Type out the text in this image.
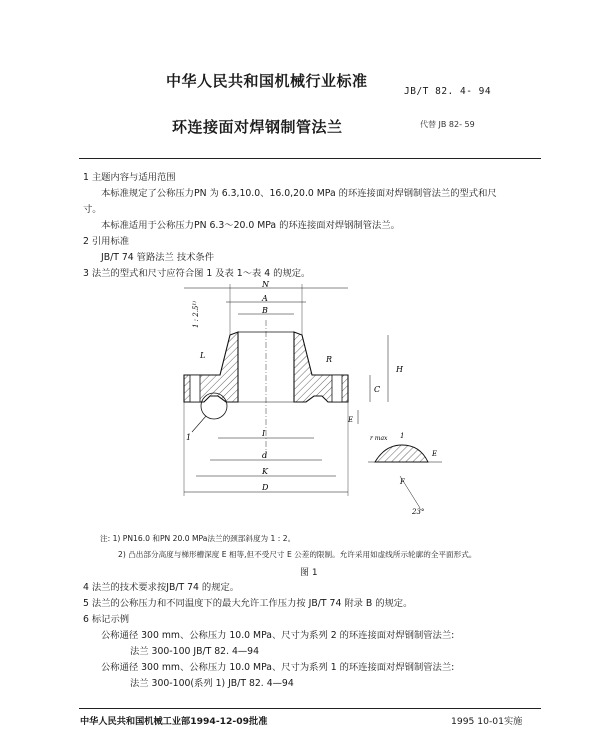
中华人民共和国机械行业标准
JB/T 82. 4- 94
环连接面对焊钢制管法兰	代替 JB 82- 59
1 主题内容与适用范围
本标准规定了公称压力PN 为 6.3,10.0、16.0,20.0 MPa 的环连接面对焊钢制管法兰的型式和尺
寸。
本标准适用于公称压力PN 6.3～20.0 MPa 的环连接面对焊钢制管法兰。
2 引用标准
JB/T 74 管路法兰 技术条件
3 法兰的型式和尺寸应符合图 1 及表 1～表 4 的规定。
N
A
B
L
H
C
R
E
I
d
K
D
1
1 : 2.5¹⁾
r max 1
E
F
23°
注: 1) PN16.0 和PN 20.0 MPa法兰的颈部斜度为 1 : 2。
2) 凸出部分高度与梯形槽深度 E 相等,但不受尺寸 E 公差的限制。允许采用如虚线所示轮廓的全平面形式。
图 1
4 法兰的技术要求按JB/T 74 的规定。
5 法兰的公称压力和不同温度下的最大允许工作压力按 JB/T 74 附录 B 的规定。
6 标记示例
公称通径 300 mm、公称压力 10.0 MPa、尺寸为系列 2 的环连接面对焊钢制管法兰:
法兰 300-100 JB/T 82. 4—94
公称通径 300 mm、公称压力 10.0 MPa、尺寸为系列 1 的环连接面对焊钢制管法兰:
法兰 300-100(系列 1) JB/T 82. 4—94
中华人民共和国机械工业部1994-12-09批准	1995 10-01实施
